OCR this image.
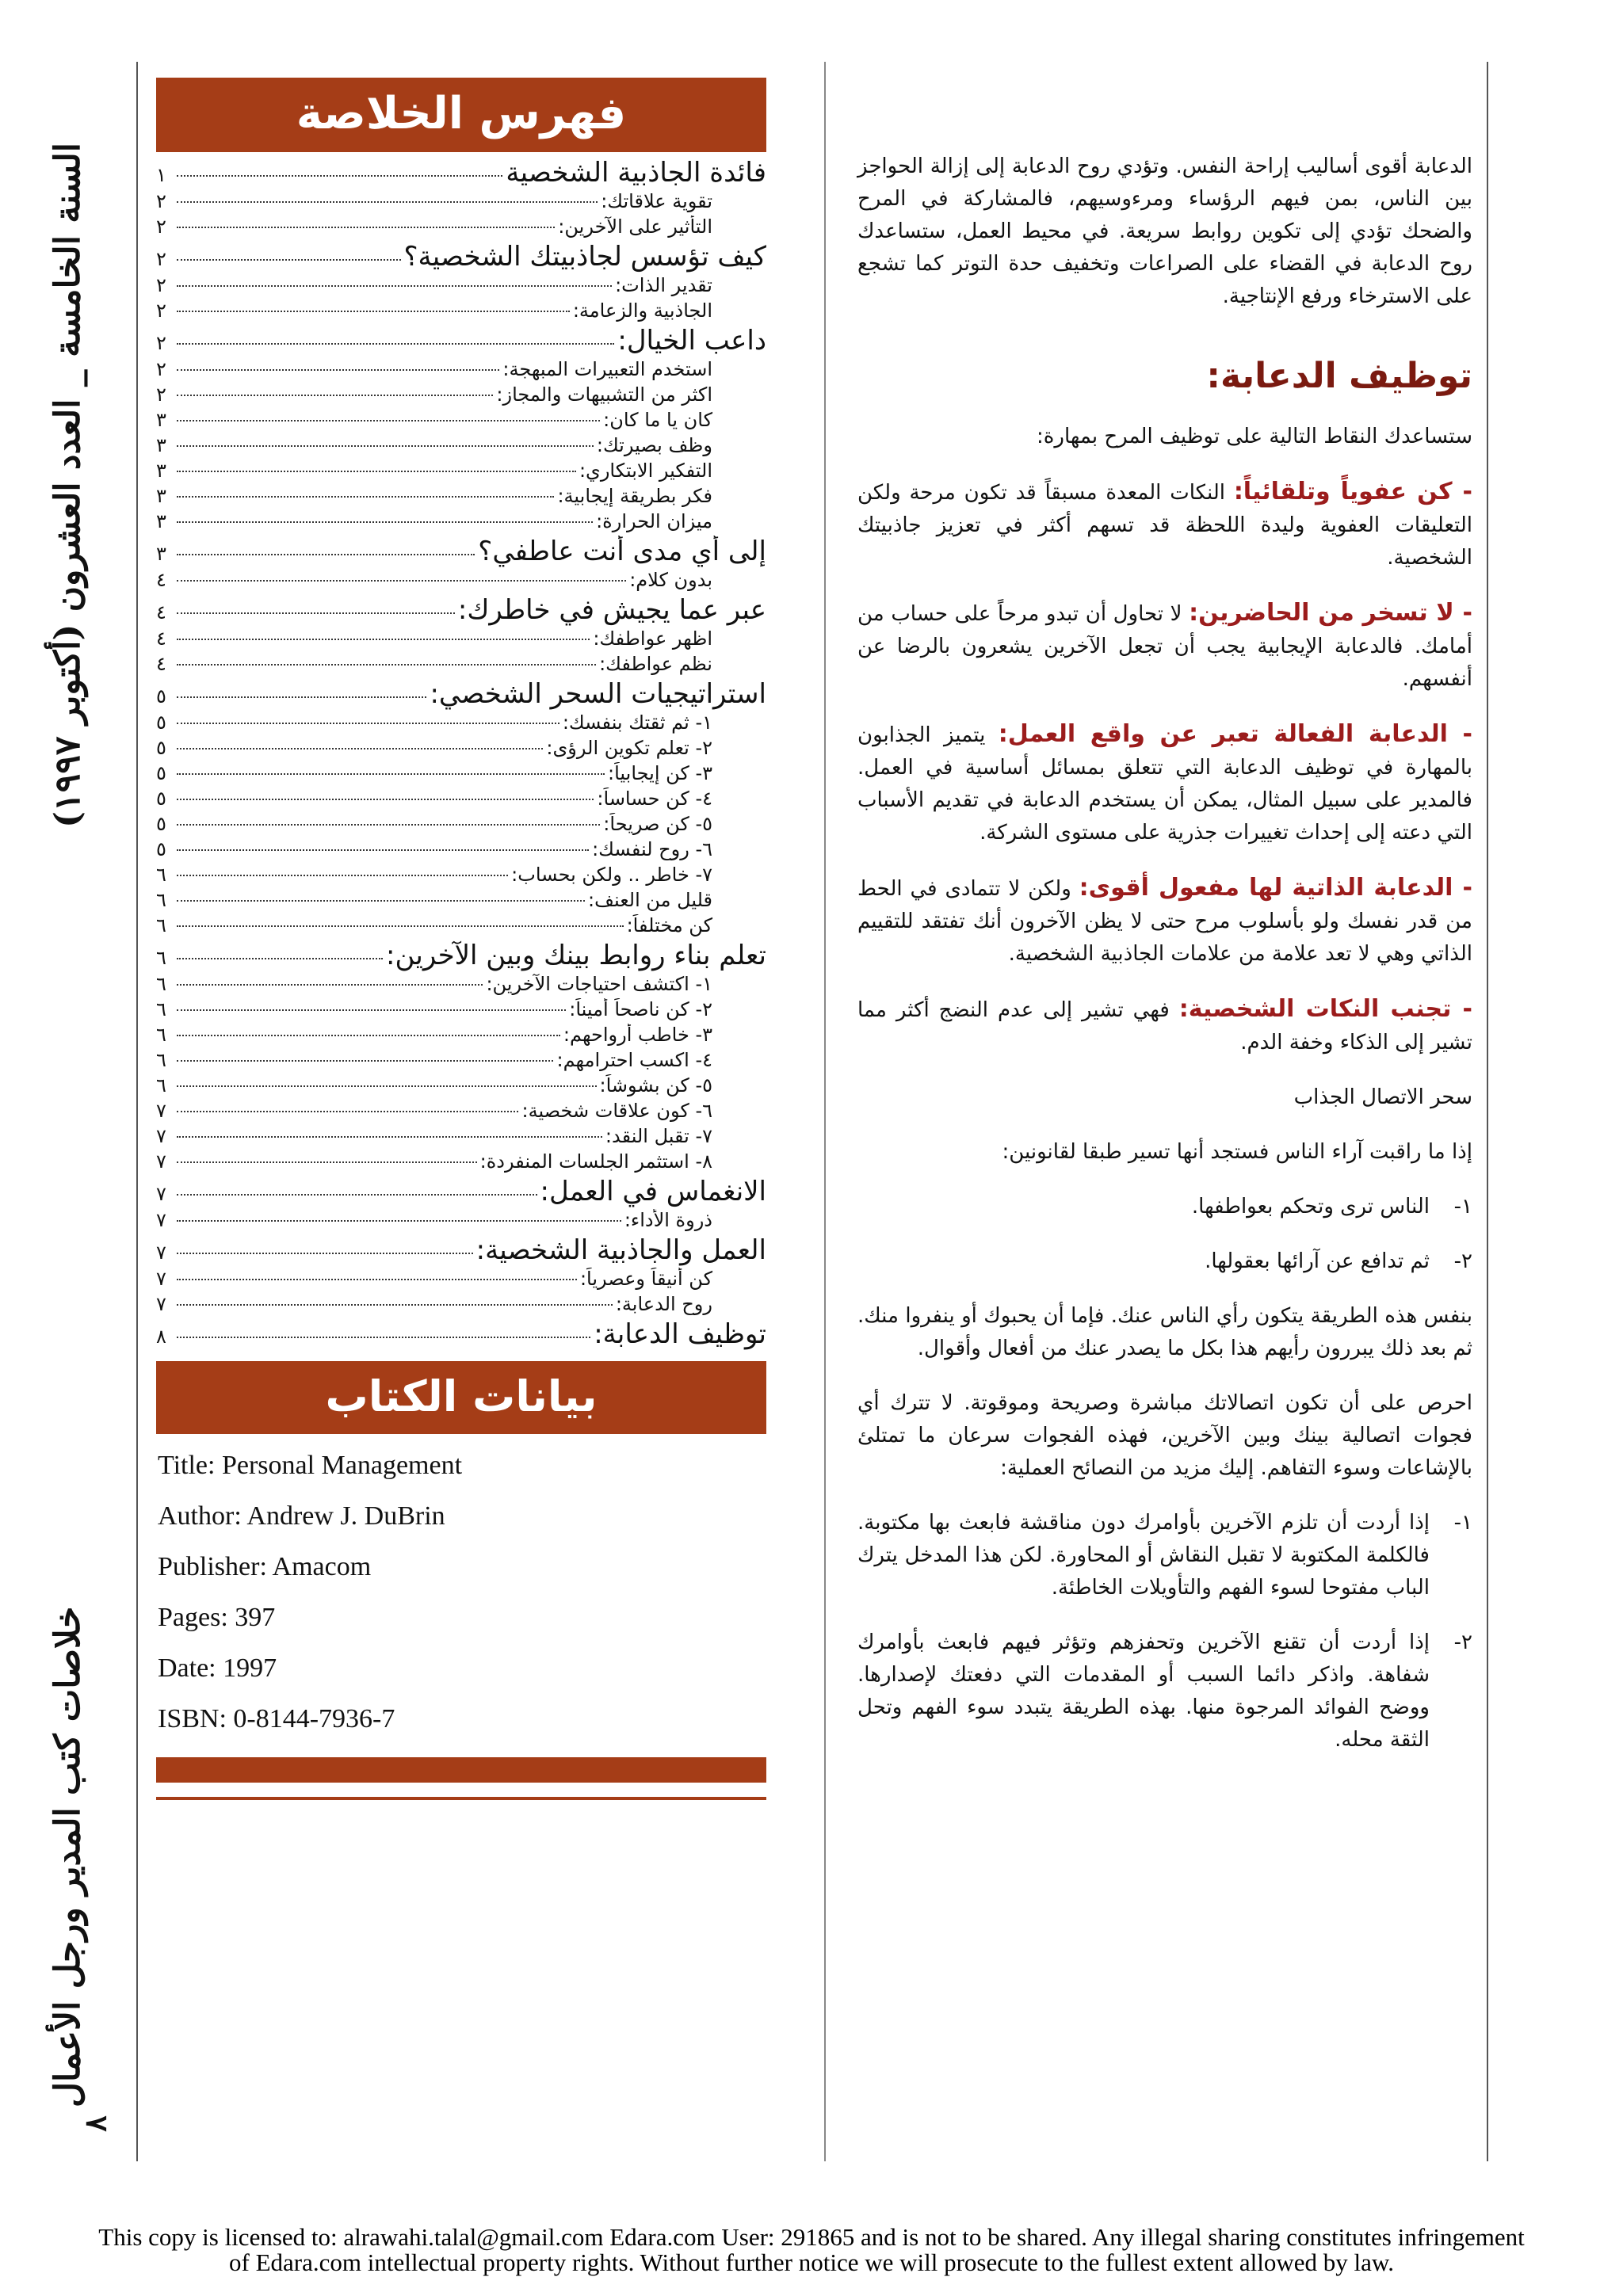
السنة الخامسة _ العدد العشرون (أكتوبر ١٩٩٧)
خلاصات كتب المدير ورجل الأعمال
٨
فهرس الخلاصة
فائدة الجاذبية الشخصية
١
تقوية علاقاتك:
٢
التأثير على الآخرين:
٢
كيف تؤسس لجاذبيتك الشخصية؟
٢
تقدير الذات:
٢
الجاذبية والزعامة:
٢
داعب الخيال:
٢
استخدم التعبيرات المبهجة:
٢
اكثر من التشبيهات والمجاز:
٢
كان يا ما كان:
٣
وظف بصيرتك:
٣
التفكير الابتكاري:
٣
فكر بطريقة إيجابية:
٣
ميزان الحرارة:
٣
إلى أي مدى أنت عاطفي؟
٣
بدون كلام:
٤
عبر عما يجيش في خاطرك:
٤
اظهر عواطفك:
٤
نظم عواطفك:
٤
استراتيجيات السحر الشخصي:
٥
١- ثم ثقتك بنفسك:
٥
٢- تعلم تكوين الرؤى:
٥
٣- كن إيجابياً:
٥
٤- كن حساساً:
٥
٥- كن صريحاً:
٥
٦- روح لنفسك:
٥
٧- خاطر .. ولكن بحساب:
٦
قليل من العنف:
٦
كن مختلفاً:
٦
تعلم بناء روابط بينك وبين الآخرين:
٦
١- اكتشف احتياجات الآخرين:
٦
٢- كن ناصحاً أميناً:
٦
٣- خاطب أرواحهم:
٦
٤- اكسب احترامهم:
٦
٥- كن بشوشاً:
٦
٦- كون علاقات شخصية:
٧
٧- تقبل النقد:
٧
٨- استثمر الجلسات المنفردة:
٧
الانغماس في العمل:
٧
ذروة الأداء:
٧
العمل والجاذبية الشخصية:
٧
كن أنيقاً وعصرياً:
٧
روح الدعابة:
٧
توظيف الدعابة:
٨
بيانات الكتاب
Title: Personal Management
Author: Andrew J. DuBrin
Publisher: Amacom
Pages: 397
Date: 1997
ISBN: 0-8144-7936-7

الدعابة أقوى أساليب إراحة النفس. وتؤدي روح الدعابة إلى إزالة الحواجز بين الناس، بمن فيهم الرؤساء ومرءوسيهم، فالمشاركة في المرح والضحك تؤدي إلى تكوين روابط سريعة. في محيط العمل، ستساعدك روح الدعابة في القضاء على الصراعات وتخفيف حدة التوتر كما تشجع على الاسترخاء ورفع الإنتاجية.

توظيف الدعابة:

ستساعدك النقاط التالية على توظيف المرح بمهارة:

- كن عفوياً وتلقائياً: النكات المعدة مسبقاً قد تكون مرحة ولكن التعليقات العفوية وليدة اللحظة قد تسهم أكثر في تعزيز جاذبيتك الشخصية.

- لا تسخر من الحاضرين: لا تحاول أن تبدو مرحاً على حساب من أمامك. فالدعابة الإيجابية يجب أن تجعل الآخرين يشعرون بالرضا عن أنفسهم.

- الدعابة الفعالة تعبر عن واقع العمل: يتميز الجذابون بالمهارة في توظيف الدعابة التي تتعلق بمسائل أساسية في العمل. فالمدير على سبيل المثال، يمكن أن يستخدم الدعابة في تقديم الأسباب التي دعته إلى إحداث تغييرات جذرية على مستوى الشركة.

- الدعابة الذاتية لها مفعول أقوى: ولكن لا تتمادى في الحط من قدر نفسك ولو بأسلوب مرح حتى لا يظن الآخرون أنك تفتقد للتقييم الذاتي وهي لا تعد علامة من علامات الجاذبية الشخصية.

- تجنب النكات الشخصية: فهي تشير إلى عدم النضج أكثر مما تشير إلى الذكاء وخفة الدم.

سحر الاتصال الجذاب

إذا ما راقبت آراء الناس فستجد أنها تسير طبقا لقانونين:

١-
الناس ترى وتحكم بعواطفها.

٢-
ثم تدافع عن آرائها بعقولها.

بنفس هذه الطريقة يتكون رأي الناس عنك. فإما أن يحبوك أو ينفروا منك. ثم بعد ذلك يبررون رأيهم هذا بكل ما يصدر عنك من أفعال وأقوال.

احرص على أن تكون اتصالاتك مباشرة وصريحة وموقوتة. لا تترك أي فجوات اتصالية بينك وبين الآخرين، فهذه الفجوات سرعان ما تمتلئ بالإشاعات وسوء التفاهم. إليك مزيد من النصائح العملية:

١-
إذا أردت أن تلزم الآخرين بأوامرك دون مناقشة فابعث بها مكتوبة. فالكلمة المكتوبة لا تقبل النقاش أو المحاورة. لكن هذا المدخل يترك الباب مفتوحا لسوء الفهم والتأويلات الخاطئة.

٢-
إذا أردت أن تقنع الآخرين وتحفزهم وتؤثر فيهم فابعث بأوامرك شفاهة. واذكر دائما السبب أو المقدمات التي دفعتك لإصدارها. ووضح الفوائد المرجوة منها. بهذه الطريقة يتبدد سوء الفهم وتحل الثقة محله.

This copy is licensed to: alrawahi.talal@gmail.com Edara.com User: 291865 and is not to be shared. Any illegal sharing constitutes infringement
of Edara.com intellectual property rights. Without further notice we will prosecute to the fullest extent allowed by law.
